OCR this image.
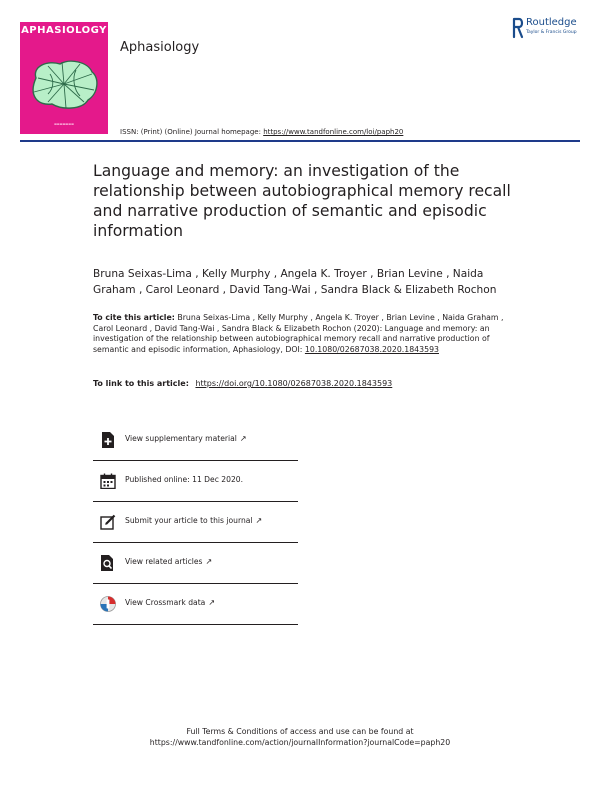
APHASIOLOGY
▬▬▬▬▬▬▬
Aphasiology
Routledge
Taylor & Francis Group
ISSN: (Print) (Online) Journal homepage: https://www.tandfonline.com/loi/paph20
Language and memory: an investigation of the relationship between autobiographical memory recall and narrative production of semantic and episodic information
Bruna Seixas-Lima , Kelly Murphy , Angela K. Troyer , Brian Levine , Naida Graham , Carol Leonard , David Tang-Wai , Sandra Black & Elizabeth Rochon
To cite this article: Bruna Seixas-Lima , Kelly Murphy , Angela K. Troyer , Brian Levine , Naida Graham , Carol Leonard , David Tang-Wai , Sandra Black & Elizabeth Rochon (2020): Language and memory: an investigation of the relationship between autobiographical memory recall and narrative production of semantic and episodic information, Aphasiology, DOI: 10.1080/02687038.2020.1843593
To link to this article: https://doi.org/10.1080/02687038.2020.1843593
View supplementary material ↗
Published online: 11 Dec 2020.
Submit your article to this journal ↗
View related articles ↗
View Crossmark data ↗
Full Terms & Conditions of access and use can be found at
https://www.tandfonline.com/action/journalInformation?journalCode=paph20
